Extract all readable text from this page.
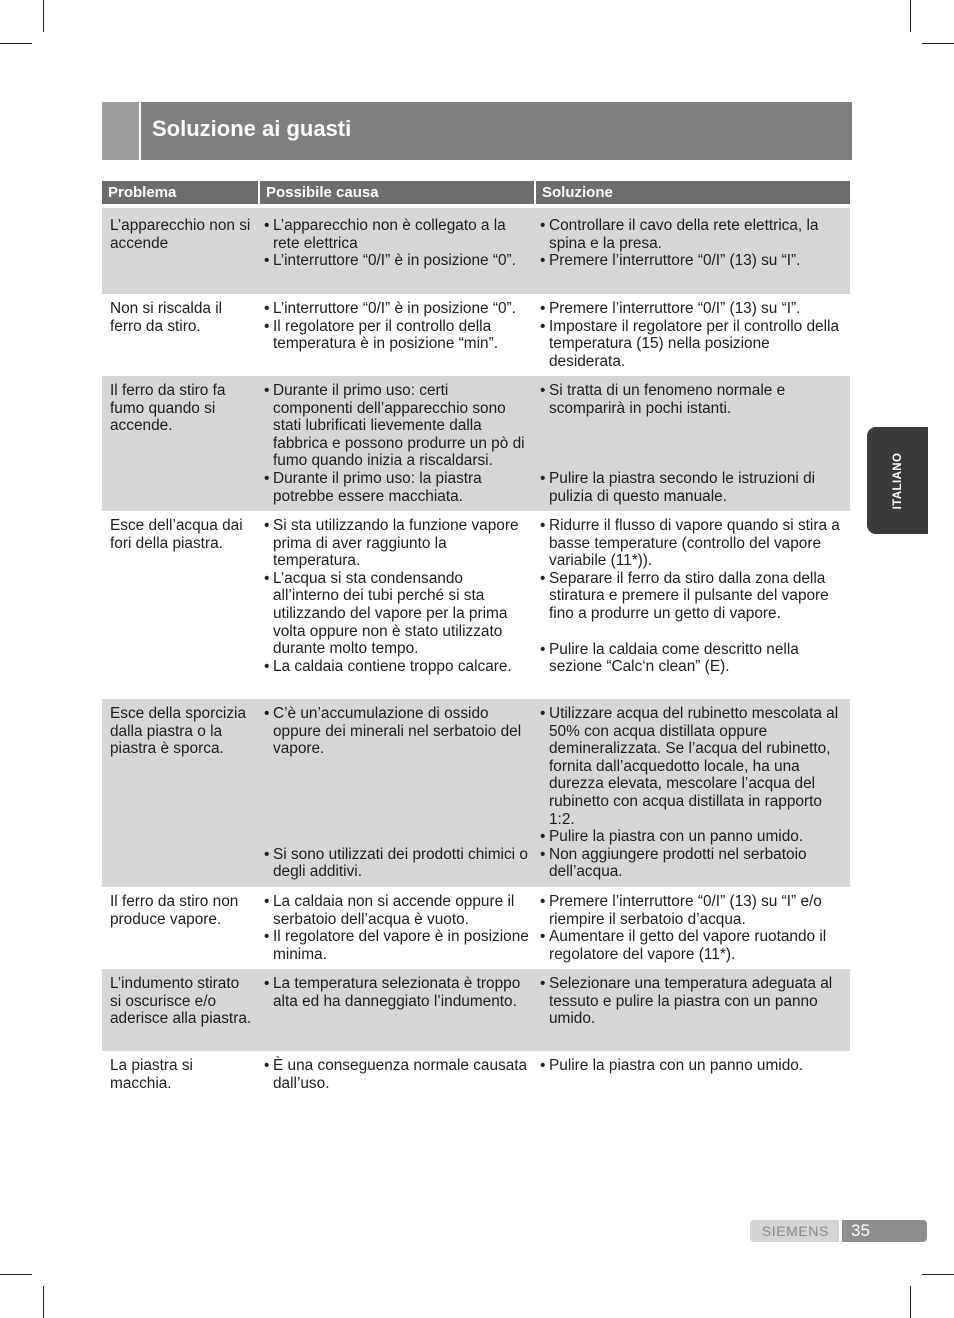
Soluzione ai guasti
Problema	Possibile causa	Soluzione
L’apparecchio non si accende
• L’apparecchio non è collegato a la rete elettrica
• L’interruttore “0/I” è in posizione “0”.
• Controllare il cavo della rete elettrica, la spina e la presa.
• Premere l’interruttore “0/I” (13) su “I”.
Non si riscalda il ferro da stiro.
• L’interruttore “0/I” è in posizione “0”.
• Il regolatore per il controllo della temperatura è in posizione “min”.
• Premere l’interruttore “0/I” (13) su “I”.
• Impostare il regolatore per il controllo della temperatura (15) nella posizione desiderata.
Il ferro da stiro fa fumo quando si accende.
• Durante il primo uso: certi componenti dell’apparecchio sono stati lubrificati lievemente dalla fabbrica e possono produrre un pò di fumo quando inizia a riscaldarsi.
• Durante il primo uso: la piastra potrebbe essere macchiata.
• Si tratta di un fenomeno normale e scomparirà in pochi istanti.
• Pulire la piastra secondo le istruzioni di pulizia di questo manuale.
Esce dell’acqua dai fori della piastra.
• Si sta utilizzando la funzione vapore prima di aver raggiunto la temperatura.
• L’acqua si sta condensando all’interno dei tubi perché si sta utilizzando del vapore per la prima volta oppure non è stato utilizzato durante molto tempo.
• La caldaia contiene troppo calcare.
• Ridurre il flusso di vapore quando si stira a basse temperature (controllo del vapore variabile (11*)).
• Separare il ferro da stiro dalla zona della stiratura e premere il pulsante del vapore fino a produrre un getto di vapore.
• Pulire la caldaia come descritto nella sezione “Calc‘n clean” (E).
Esce della sporcizia dalla piastra o la piastra è sporca.
• C’è un’accumulazione di ossido oppure dei minerali nel serbatoio del vapore.
• Si sono utilizzati dei prodotti chimici o degli additivi.
• Utilizzare acqua del rubinetto mescolata al 50% con acqua distillata oppure demineralizzata. Se l’acqua del rubinetto, fornita dall’acquedotto locale, ha una durezza elevata, mescolare l’acqua del rubinetto con acqua distillata in rapporto 1:2.
• Pulire la piastra con un panno umido.
• Non aggiungere prodotti nel serbatoio dell’acqua.
Il ferro da stiro non produce vapore.
• La caldaia non si accende oppure il serbatoio dell’acqua è vuoto.
• Il regolatore del vapore è in posizione minima.
• Premere l’interruttore “0/I” (13) su “I” e/o riempire il serbatoio d’acqua.
• Aumentare il getto del vapore ruotando il regolatore del vapore (11*).
L’indumento stirato si oscurisce e/o aderisce alla piastra.
• La temperatura selezionata è troppo alta ed ha danneggiato l’indumento.
• Selezionare una temperatura adeguata al tessuto e pulire la piastra con un panno umido.
La piastra si macchia.
• È una conseguenza normale causata dall’uso.
• Pulire la piastra con un panno umido.
ITALIANO
SIEMENS 35
